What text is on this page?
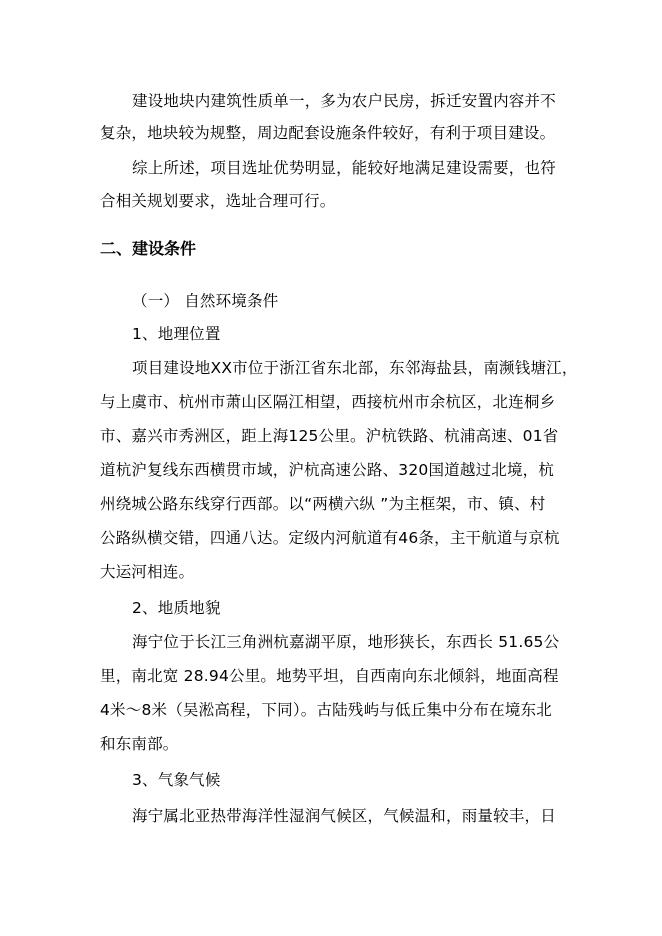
建设地块内建筑性质单一，多为农户民房，拆迁安置内容并不
复杂，地块较为规整，周边配套设施条件较好，有利于项目建设。
综上所述，项目选址优势明显，能较好地满足建设需要，也符
合相关规划要求，选址合理可行。
二、建设条件
（一） 自然环境条件
1、地理位置
项目建设地XX市位于浙江省东北部，东邻海盐县，南濒钱塘江，
与上虞市、杭州市萧山区隔江相望，西接杭州市余杭区，北连桐乡
市、嘉兴市秀洲区，距上海125公里。沪杭铁路、杭浦高速、01省
道杭沪复线东西横贯市域，沪杭高速公路、320国道越过北境，杭
州绕城公路东线穿行西部。以“两横六纵 ”为主框架，市、镇、村
公路纵横交错，四通八达。定级内河航道有46条，主干航道与京杭
大运河相连。
2、地质地貌
海宁位于长江三角洲杭嘉湖平原，地形狭长，东西长 51.65公
里，南北宽 28.94公里。地势平坦，自西南向东北倾斜，地面高程
4米～8米（吴淞高程，下同）。古陆残屿与低丘集中分布在境东北
和东南部。
3、气象气候
海宁属北亚热带海洋性湿润气候区，气候温和，雨量较丰，日
